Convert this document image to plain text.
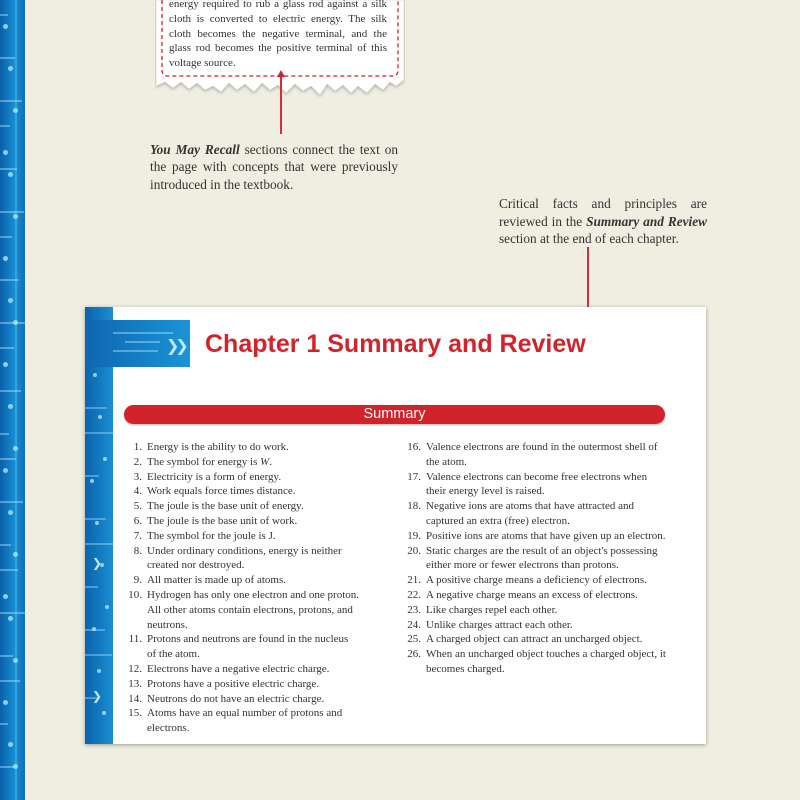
energy required to rub a glass rod against a silk cloth is converted to electric energy. The silk cloth becomes the negative terminal, and the glass rod becomes the positive terminal of this voltage source.

You May Recall sections connect the text on the page with concepts that were previously introduced in the textbook.

Critical facts and principles are reviewed in the Summary and Review section at the end of each chapter.

❯
❯
❯❯ Chapter 1 Summary and Review
Summary
1. Energy is the ability to do work.
2. The symbol for energy is W.
3. Electricity is a form of energy.
4. Work equals force times distance.
5. The joule is the base unit of energy.
6. The joule is the base unit of work.
7. The symbol for the joule is J.
8. Under ordinary conditions, energy is neither created nor destroyed.
9. All matter is made up of atoms.
10. Hydrogen has only one electron and one proton. All other atoms contain electrons, protons, and neutrons.
11. Protons and neutrons are found in the nucleus of the atom.
12. Electrons have a negative electric charge.
13. Protons have a positive electric charge.
14. Neutrons do not have an electric charge.
15. Atoms have an equal number of protons and electrons.
16. Valence electrons are found in the outermost shell of the atom.
17. Valence electrons can become free electrons when their energy level is raised.
18. Negative ions are atoms that have attracted and captured an extra (free) electron.
19. Positive ions are atoms that have given up an electron.
20. Static charges are the result of an object's possessing either more or fewer electrons than protons.
21. A positive charge means a deficiency of electrons.
22. A negative charge means an excess of electrons.
23. Like charges repel each other.
24. Unlike charges attract each other.
25. A charged object can attract an uncharged object.
26. When an uncharged object touches a charged object, it becomes charged.
